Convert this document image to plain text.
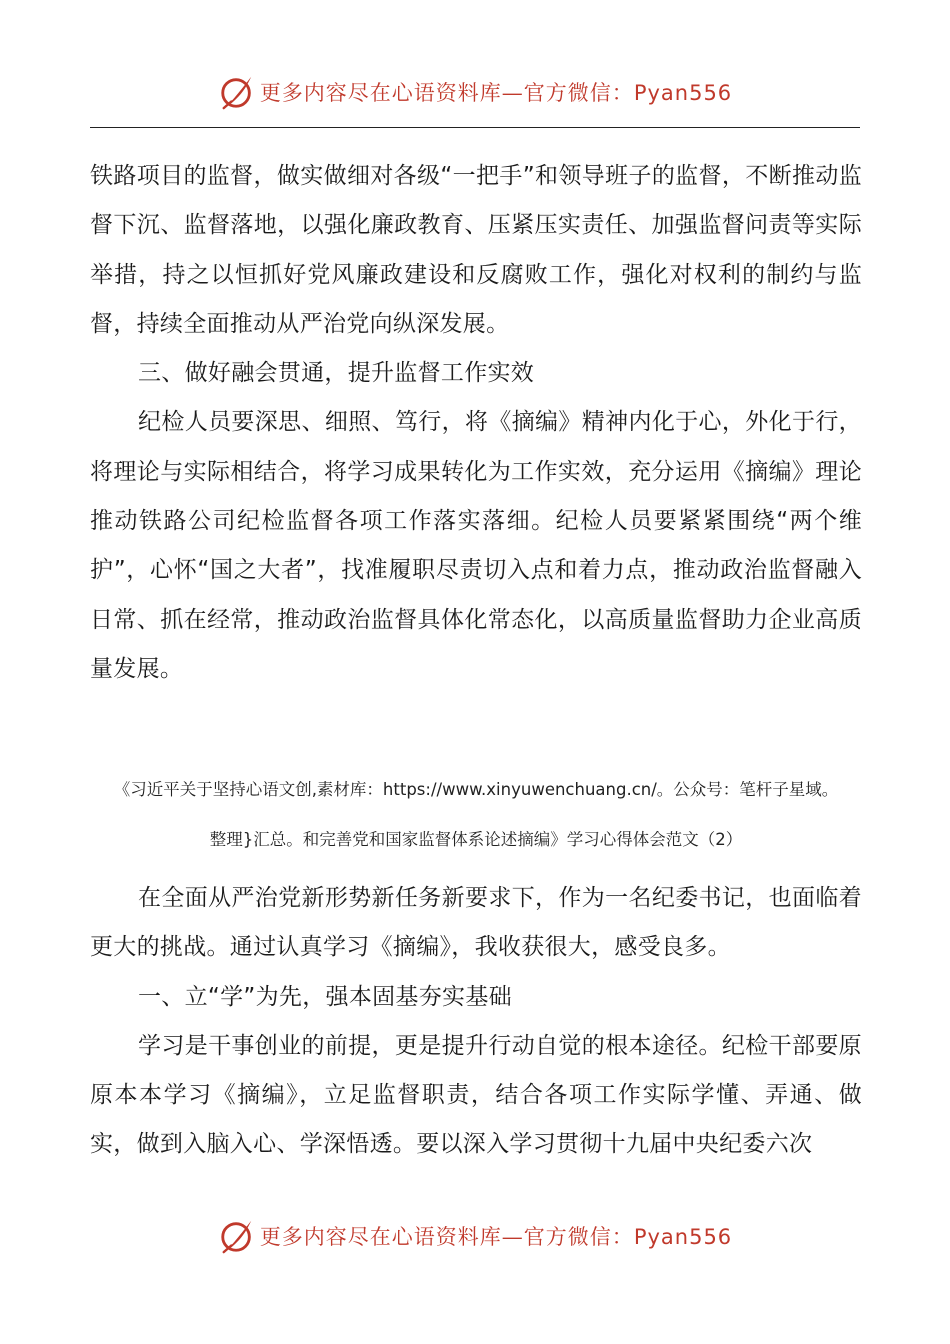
更多内容尽在心语资料库—官方微信：Pyan556

铁路项目的监督，做实做细对各级“一把手”和领导班子的监督，不断推动监督下沉、监督落地，以强化廉政教育、压紧压实责任、加强监督问责等实际举措，持之以恒抓好党风廉政建设和反腐败工作，强化对权利的制约与监督，持续全面推动从严治党向纵深发展。

三、做好融会贯通，提升监督工作实效

纪检人员要深思、细照、笃行，将《摘编》精神内化于心，外化于行，将理论与实际相结合，将学习成果转化为工作实效，充分运用《摘编》理论推动铁路公司纪检监督各项工作落实落细。纪检人员要紧紧围绕“两个维护”，心怀“国之大者”，找准履职尽责切入点和着力点，推动政治监督融入日常、抓在经常，推动政治监督具体化常态化，以高质量监督助力企业高质量发展。

《习近平关于坚持心语文创,素材库：https://www.xinyuwenchuang.cn/。公众号：笔杆子星域。
整理}汇总。和完善党和国家监督体系论述摘编》学习心得体会范文（2）

在全面从严治党新形势新任务新要求下，作为一名纪委书记，也面临着更大的挑战。通过认真学习《摘编》，我收获很大，感受良多。

一、立“学”为先，强本固基夯实基础

学习是干事创业的前提，更是提升行动自觉的根本途径。纪检干部要原原本本学习《摘编》，立足监督职责，结合各项工作实际学懂、弄通、做实，做到入脑入心、学深悟透。要以深入学习贯彻十九届中央纪委六次

更多内容尽在心语资料库—官方微信：Pyan556
